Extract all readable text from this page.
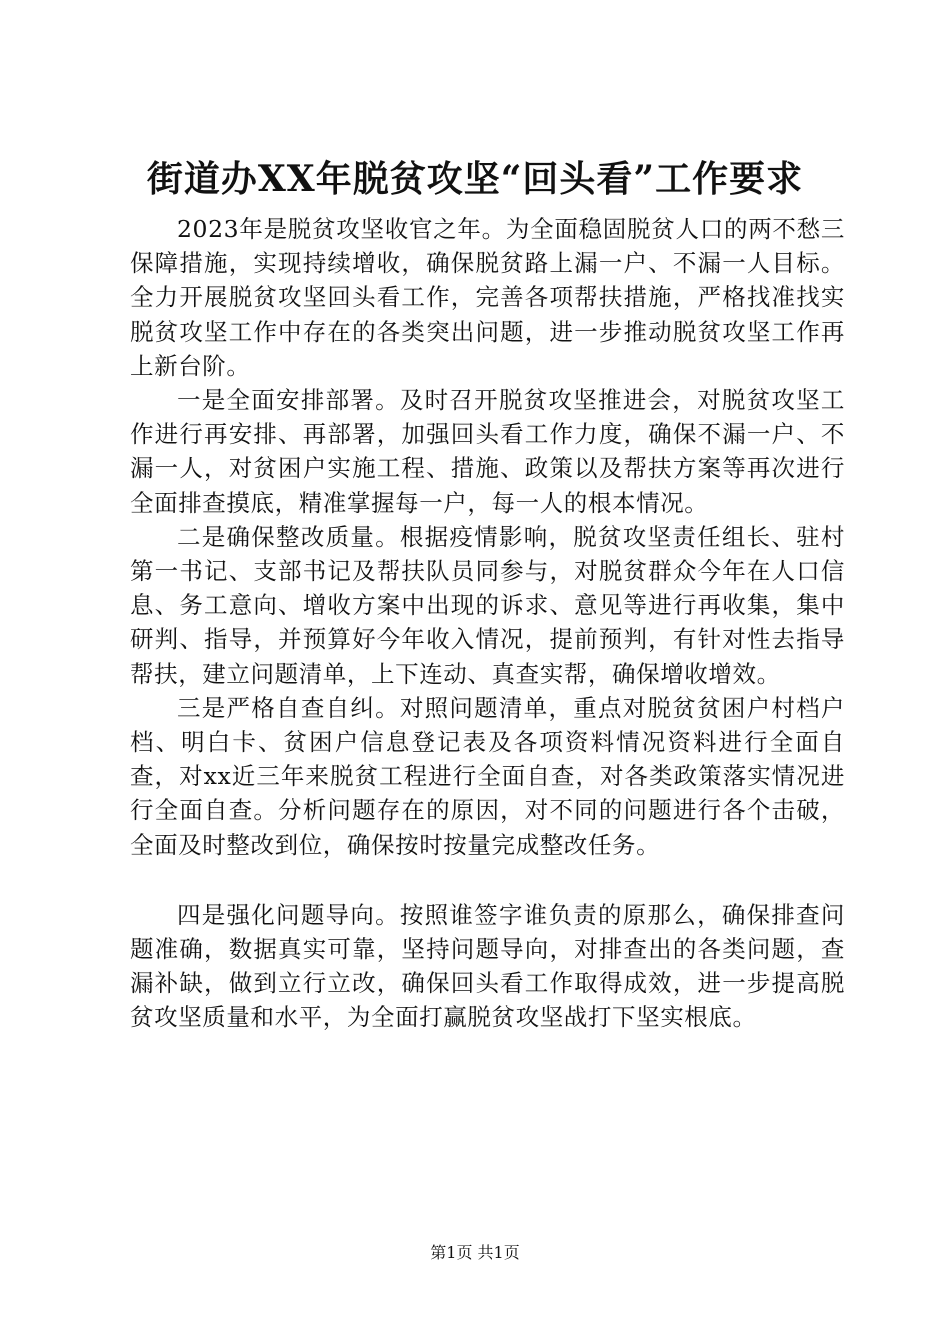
街道办XX年脱贫攻坚“回头看”工作要求

2023年是脱贫攻坚收官之年。为全面稳固脱贫人口的两不愁三保障措施，实现持续增收，确保脱贫路上漏一户、不漏一人目标。全力开展脱贫攻坚回头看工作，完善各项帮扶措施，严格找准找实脱贫攻坚工作中存在的各类突出问题，进一步推动脱贫攻坚工作再上新台阶。

一是全面安排部署。及时召开脱贫攻坚推进会，对脱贫攻坚工作进行再安排、再部署，加强回头看工作力度，确保不漏一户、不漏一人，对贫困户实施工程、措施、政策以及帮扶方案等再次进行全面排查摸底，精准掌握每一户，每一人的根本情况。

二是确保整改质量。根据疫情影响，脱贫攻坚责任组长、驻村第一书记、支部书记及帮扶队员同参与，对脱贫群众今年在人口信息、务工意向、增收方案中出现的诉求、意见等进行再收集，集中研判、指导，并预算好今年收入情况，提前预判，有针对性去指导帮扶，建立问题清单，上下连动、真查实帮，确保增收增效。

三是严格自查自纠。对照问题清单，重点对脱贫贫困户村档户档、明白卡、贫困户信息登记表及各项资料情况资料进行全面自查，对xx近三年来脱贫工程进行全面自查，对各类政策落实情况进行全面自查。分析问题存在的原因，对不同的问题进行各个击破，全面及时整改到位，确保按时按量完成整改任务。

四是强化问题导向。按照谁签字谁负责的原那么，确保排查问题准确，数据真实可靠，坚持问题导向，对排查出的各类问题，查漏补缺，做到立行立改，确保回头看工作取得成效，进一步提高脱贫攻坚质量和水平，为全面打赢脱贫攻坚战打下坚实根底。

第1页 共1页
